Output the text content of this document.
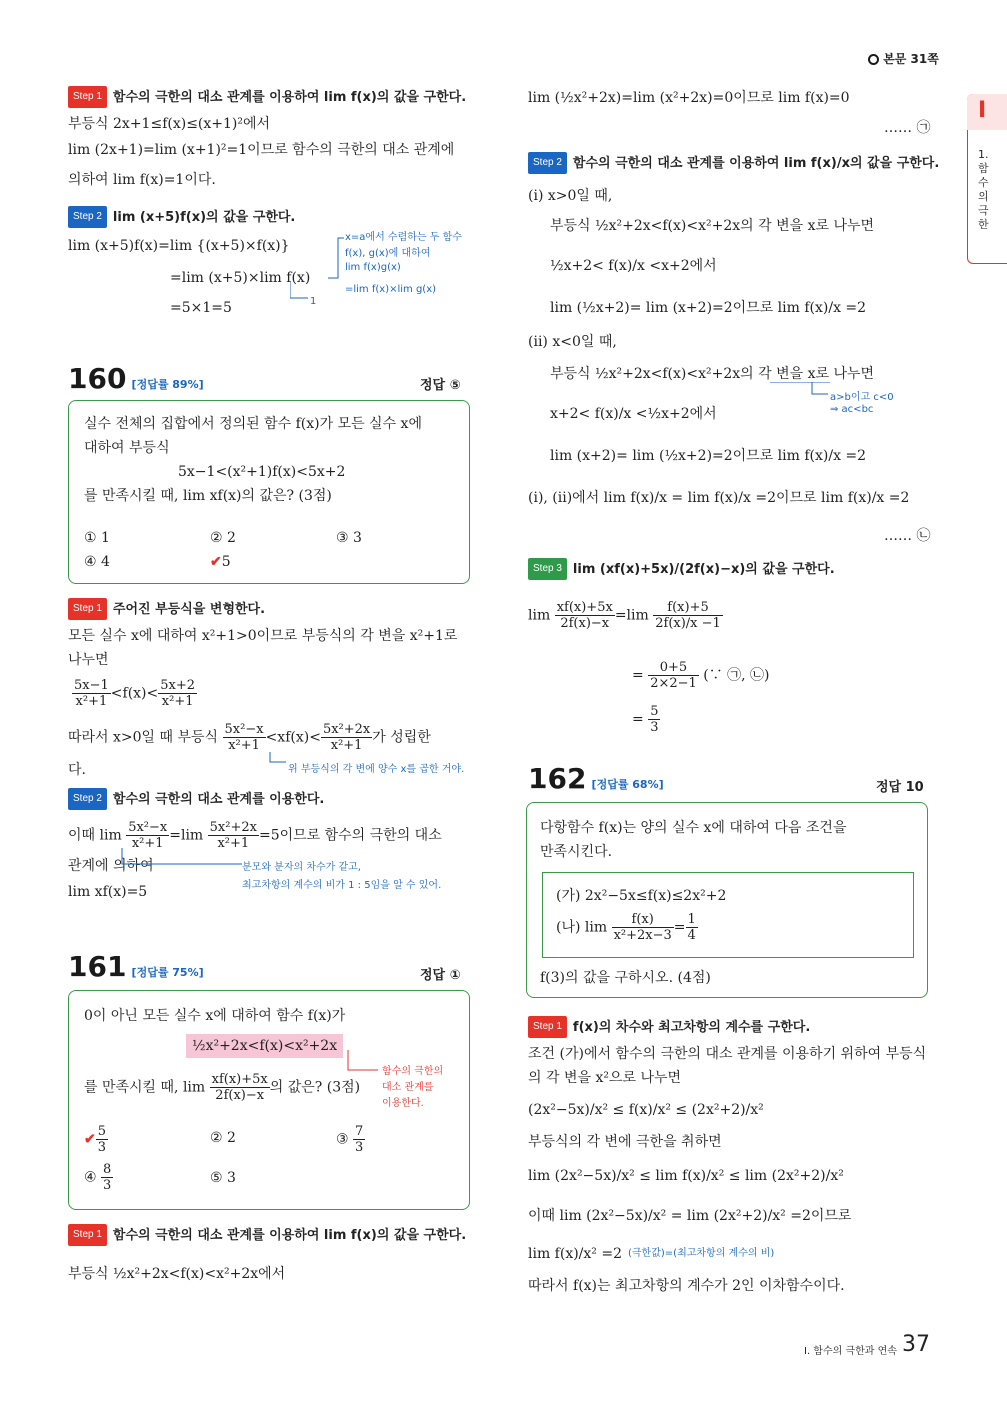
본문 31쪽
I
1. 함수의 극한
Step 1 함수의 극한의 대소 관계를 이용하여 lim f(x)의 값을 구한다.
부등식 2x+1≤f(x)≤(x+1)²에서
lim (2x+1)=lim (x+1)²=1이므로 함수의 극한의 대소 관계에
의하여 lim f(x)=1이다.
Step 2 lim (x+5)f(x)의 값을 구한다.
lim (x+5)f(x)=lim {(x+5)×f(x)}
=lim (x+5)×lim f(x)
=5×1=5
x=a에서 수렴하는 두 함수
f(x), g(x)에 대하여
lim f(x)g(x)
=lim f(x)×lim g(x)
1
160 [정답률 89%]	정답 ⑤
실수 전체의 집합에서 정의된 함수 f(x)가 모든 실수 x에
대하여 부등식
5x−1<(x²+1)f(x)<5x+2
를 만족시킬 때, lim xf(x)의 값은? (3점)
① 1	② 2	③ 3
④ 4	✔5
Step 1 주어진 부등식을 변형한다.
모든 실수 x에 대하여 x²+1>0이므로 부등식의 각 변을 x²+1로
나누면
$\frac{5x-1}{\text{x²+1}} <f(x)< \frac{5x+2}{\text{x²+1}}$
따라서 x>0일 때 부등식 $\frac{\text{5x²−x}}{\text{x²+1}} <xf(x)< \frac{\text{5x²+2x}}{\text{x²+1}}$ 가 성립한
다.	위 부등식의 각 변에 양수 x를 곱한 거야.
Step 2 함수의 극한의 대소 관계를 이용한다.
이때 $\lim \frac{\text{5x²−x}}{\text{x²+1}} =\lim \frac{\text{5x²+2x}}{\text{x²+1}} =5$이므로 함수의 극한의 대소
관계에 의하여
lim xf(x)=5
분모와 분자의 차수가 같고,
최고차항의 계수의 비가 1 : 5임을 알 수 있어.
161 [정답률 75%]	정답 ①
0이 아닌 모든 실수 x에 대하여 함수 f(x)가
½x²+2x<f(x)<x²+2x
를 만족시킬 때, $\lim \frac{xf(x)+5x}{2f(x)-x}$ 의 값은? (3점)
함수의 극한의
대소 관계를
이용한다.
✔ $\frac{5}{3}$	② 2	③ $\frac{7}{3}$
④ $\frac{8}{3}$	⑤ 3
Step 1 함수의 극한의 대소 관계를 이용하여 lim f(x)의 값을 구한다.
부등식 ½x²+2x<f(x)<x²+2x에서
lim (½x²+2x)=lim (x²+2x)=0이므로 lim f(x)=0
…… ㉠
Step 2 함수의 극한의 대소 관계를 이용하여 lim f(x)/x의 값을 구한다.
(i) x>0일 때,
부등식 ½x²+2x<f(x)<x²+2x의 각 변을 x로 나누면
½x+2< f(x)/x <x+2에서
lim (½x+2)= lim (x+2)=2이므로 lim f(x)/x =2
(ii) x<0일 때,
부등식 ½x²+2x<f(x)<x²+2x의 각 변을 x로 나누면
a>b이고 c<0
⇒ ac<bc
x+2< f(x)/x <½x+2에서
lim (x+2)= lim (½x+2)=2이므로 lim f(x)/x =2
(i), (ii)에서 lim f(x)/x = lim f(x)/x =2이므로 lim f(x)/x =2
…… ㉡
Step 3 lim (xf(x)+5x)/(2f(x)−x)의 값을 구한다.
$\lim \frac{xf(x)+5x}{2f(x)-x} =\lim \frac{f(x)+5}{2f(x)/x -1}$
= $\frac{0+5}{2\times 2-1}$ (∵ ㉠, ㉡)
= $\frac{5}{3}$
162 [정답률 68%]	정답 10
다항함수 f(x)는 양의 실수 x에 대하여 다음 조건을
만족시킨다.
(가) 2x²−5x≤f(x)≤2x²+2
(나) $\lim \frac{f(x)}{\text{x²+2x−3}} = \frac{1}{4}$
f(3)의 값을 구하시오. (4점)
Step 1 f(x)의 차수와 최고차항의 계수를 구한다.
조건 (가)에서 함수의 극한의 대소 관계를 이용하기 위하여 부등식
의 각 변을 x²으로 나누면
(2x²−5x)/x² ≤ f(x)/x² ≤ (2x²+2)/x²
부등식의 각 변에 극한을 취하면
lim (2x²−5x)/x² ≤ lim f(x)/x² ≤ lim (2x²+2)/x²
이때 lim (2x²−5x)/x² = lim (2x²+2)/x² =2이므로
lim f(x)/x² =2 (극한값)=(최고차항의 계수의 비)
따라서 f(x)는 최고차항의 계수가 2인 이차함수이다.
I. 함수의 극한과 연속 37
